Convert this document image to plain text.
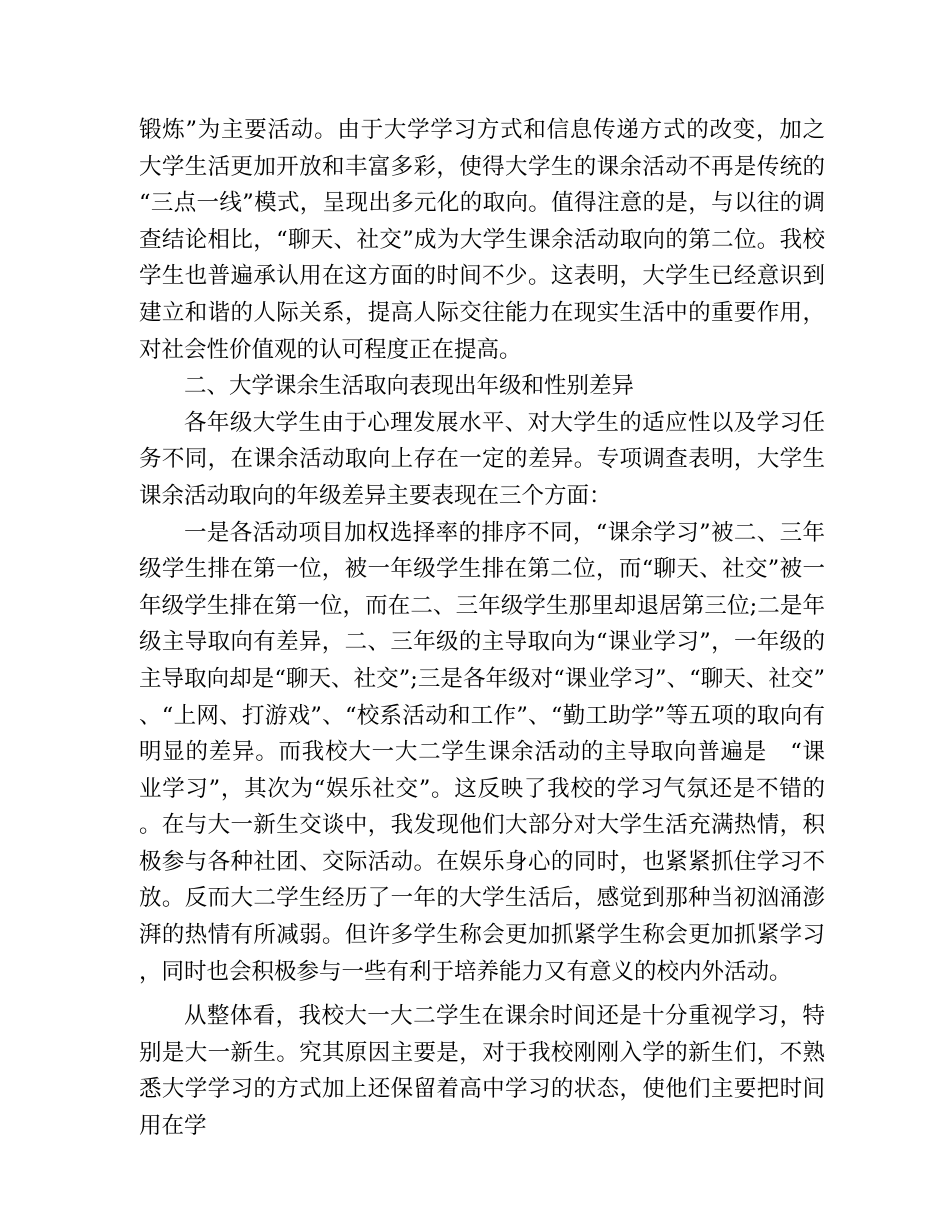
锻炼”为主要活动。由于大学学习方式和信息传递方式的改变，加之大学生活更加开放和丰富多彩，使得大学生的课余活动不再是传统的“三点一线”模式，呈现出多元化的取向。值得注意的是，与以往的调查结论相比，“聊天、社交”成为大学生课余活动取向的第二位。我校学生也普遍承认用在这方面的时间不少。这表明，大学生已经意识到建立和谐的人际关系，提高人际交往能力在现实生活中的重要作用，对社会性价值观的认可程度正在提高。

二、大学课余生活取向表现出年级和性别差异

各年级大学生由于心理发展水平、对大学生的适应性以及学习任务不同，在课余活动取向上存在一定的差异。专项调查表明，大学生课余活动取向的年级差异主要表现在三个方面：

一是各活动项目加权选择率的排序不同，“课余学习”被二、三年级学生排在第一位，被一年级学生排在第二位，而“聊天、社交”被一年级学生排在第一位，而在二、三年级学生那里却退居第三位;二是年级主导取向有差异，二、三年级的主导取向为“课业学习”，一年级的主导取向却是“聊天、社交”;三是各年级对“课业学习”、“聊天、社交”、“上网、打游戏”、“校系活动和工作”、“勤工助学”等五项的取向有明显的差异。而我校大一大二学生课余活动的主导取向普遍是　“课业学习”，其次为“娱乐社交”。这反映了我校的学习气氛还是不错的。在与大一新生交谈中，我发现他们大部分对大学生活充满热情，积极参与各种社团、交际活动。在娱乐身心的同时，也紧紧抓住学习不放。反而大二学生经历了一年的大学生活后，感觉到那种当初汹涌澎湃的热情有所减弱。但许多学生称会更加抓紧学生称会更加抓紧学习，同时也会积极参与一些有利于培养能力又有意义的校内外活动。

从整体看，我校大一大二学生在课余时间还是十分重视学习，特别是大一新生。究其原因主要是，对于我校刚刚入学的新生们，不熟悉大学学习的方式加上还保留着高中学习的状态，使他们主要把时间用在学
